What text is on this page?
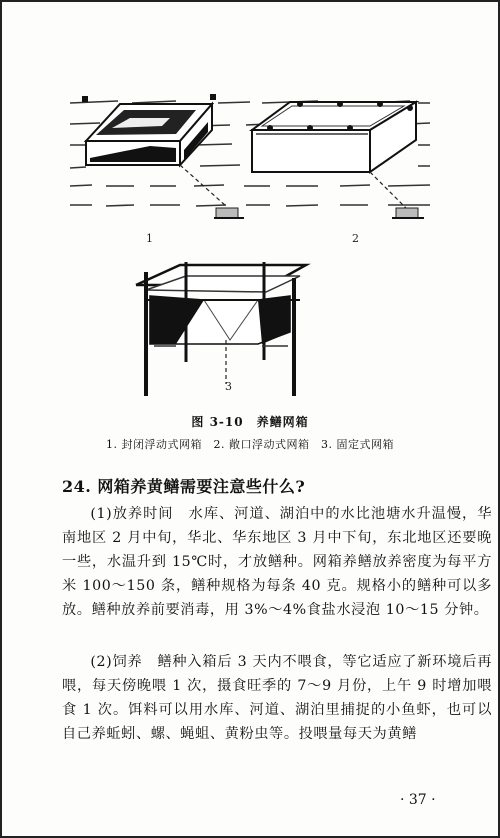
1	2
3
图 3-10　养鳝网箱
1. 封闭浮动式网箱　2. 敞口浮动式网箱　3. 固定式网箱
24. 网箱养黄鳝需要注意些什么?

(1)放养时间　水库、河道、湖泊中的水比池塘水升温慢，华南地区 2 月中旬，华北、华东地区 3 月中下旬，东北地区还要晚一些，水温升到 15℃时，才放鳝种。网箱养鳝放养密度为每平方米 100～150 条，鳝种规格为每条 40 克。规格小的鳝种可以多放。鳝种放养前要消毒，用 3%～4%食盐水浸泡 10～15 分钟。

(2)饲养　鳝种入箱后 3 天内不喂食，等它适应了新环境后再喂，每天傍晚喂 1 次，摄食旺季的 7～9 月份，上午 9 时增加喂食 1 次。饵料可以用水库、河道、湖泊里捕捉的小鱼虾，也可以自己养蚯蚓、螺、蝇蛆、黄粉虫等。投喂量每天为黄鳝

· 37 ·
